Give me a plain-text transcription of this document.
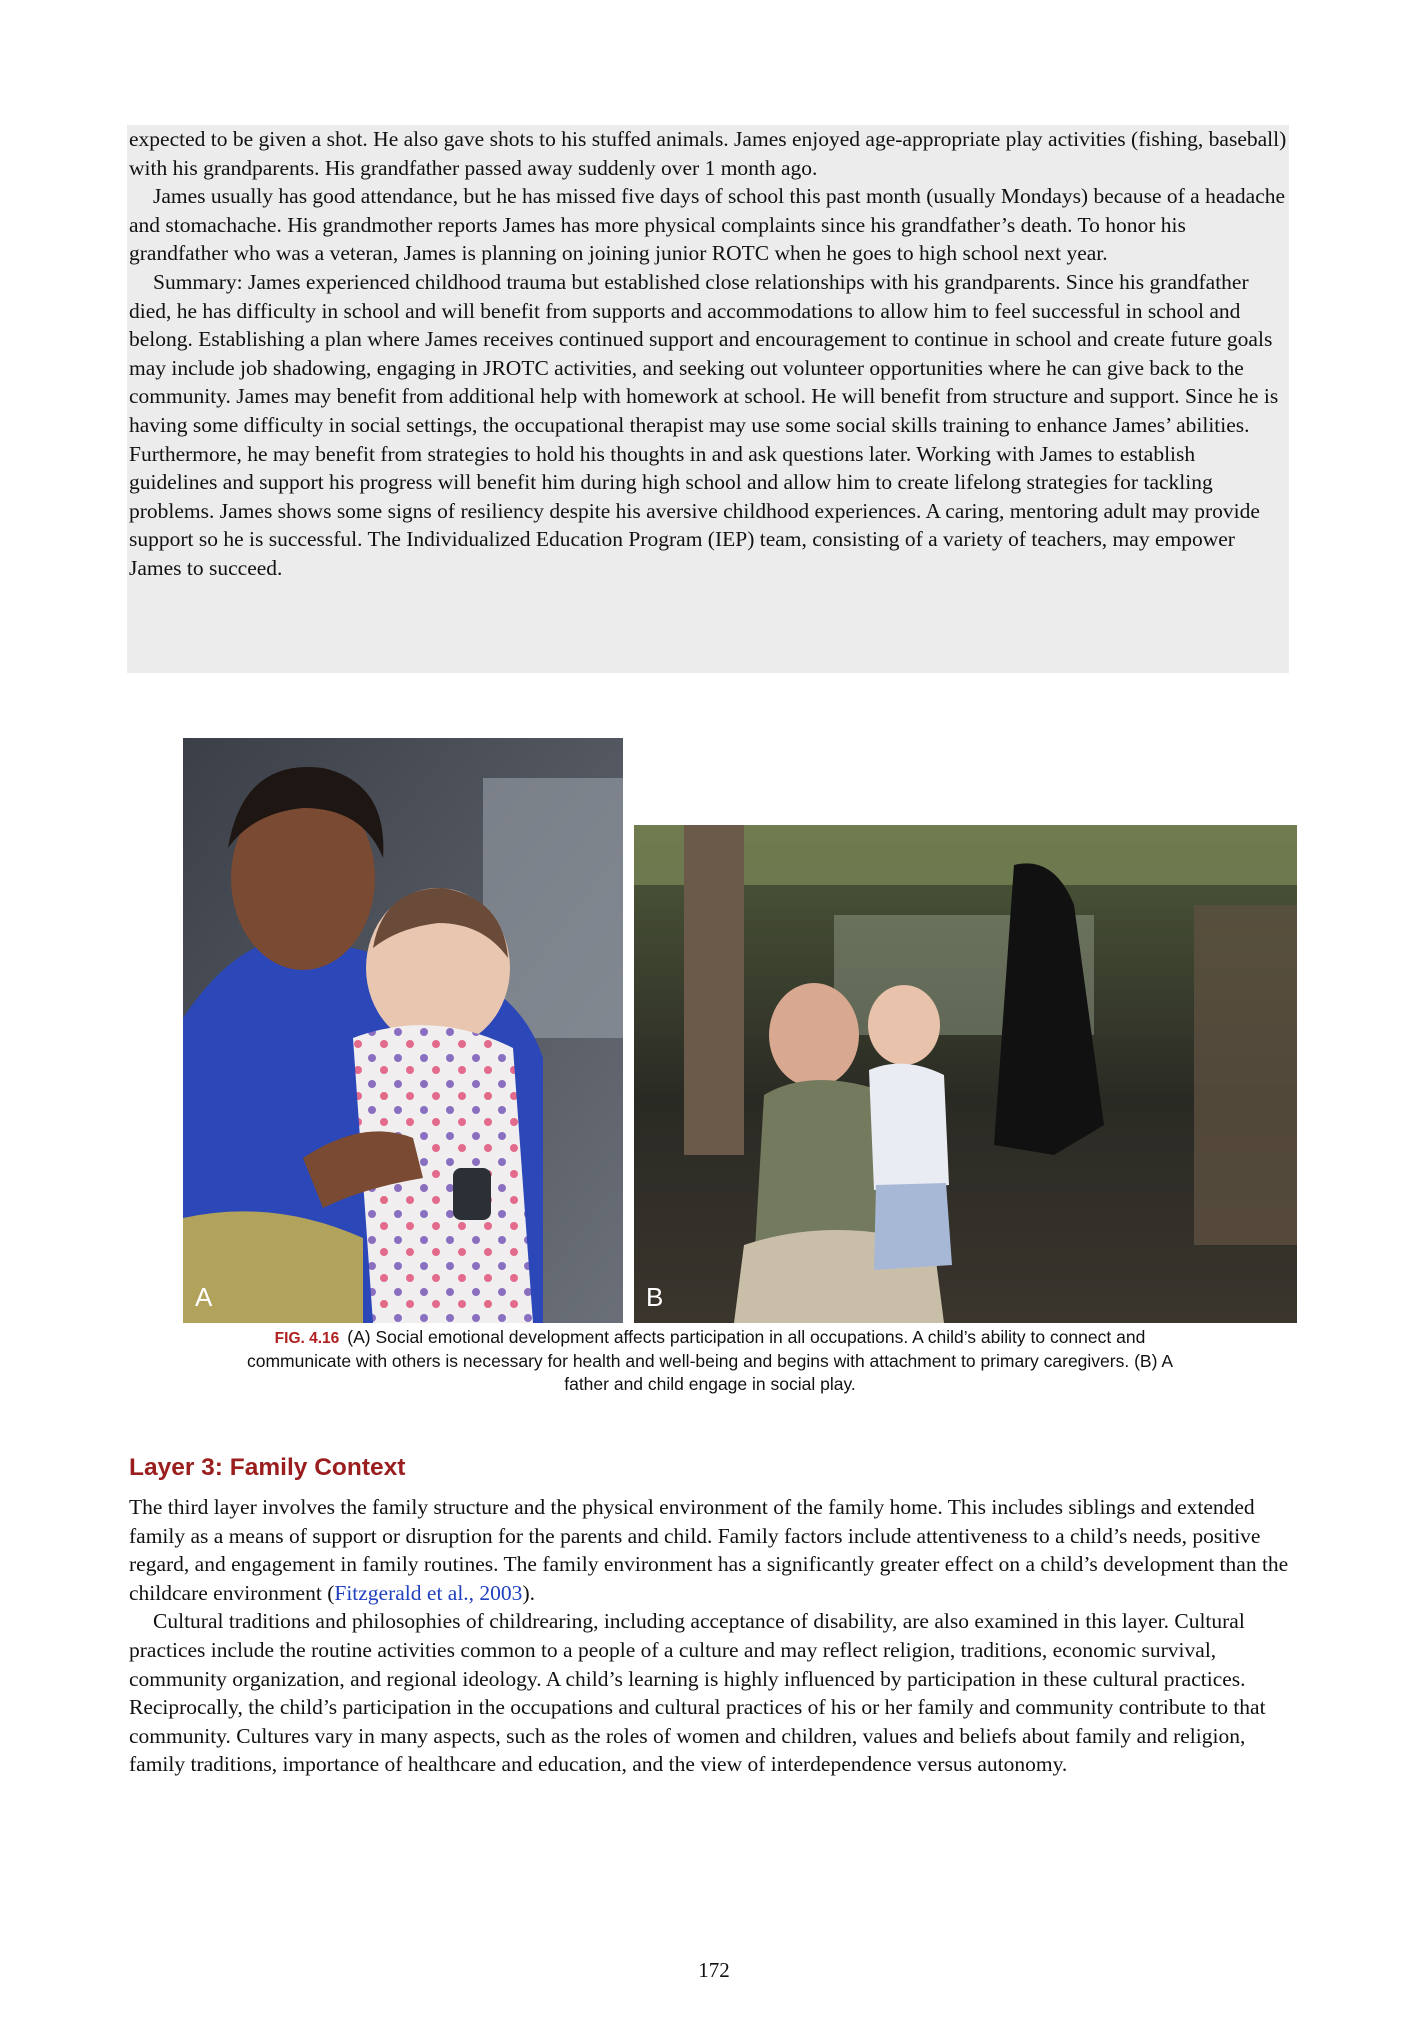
expected to be given a shot. He also gave shots to his stuffed animals. James enjoyed age-appropriate play activities (fishing, baseball) with his grandparents. His grandfather passed away suddenly over 1 month ago.

James usually has good attendance, but he has missed five days of school this past month (usually Mondays) because of a headache and stomachache. His grandmother reports James has more physical complaints since his grandfather’s death. To honor his grandfather who was a veteran, James is planning on joining junior ROTC when he goes to high school next year.

Summary: James experienced childhood trauma but established close relationships with his grandparents. Since his grandfather died, he has difficulty in school and will benefit from supports and accommodations to allow him to feel successful in school and belong. Establishing a plan where James receives continued support and encouragement to continue in school and create future goals may include job shadowing, engaging in JROTC activities, and seeking out volunteer opportunities where he can give back to the community. James may benefit from additional help with homework at school. He will benefit from structure and support. Since he is having some difficulty in social settings, the occupational therapist may use some social skills training to enhance James’ abilities. Furthermore, he may benefit from strategies to hold his thoughts in and ask questions later. Working with James to establish guidelines and support his progress will benefit him during high school and allow him to create lifelong strategies for tackling problems. James shows some signs of resiliency despite his aversive childhood experiences. A caring, mentoring adult may provide support so he is successful. The Individualized Education Program (IEP) team, consisting of a variety of teachers, may empower James to succeed.

A	B
FIG. 4.16 (A) Social emotional development affects participation in all occupations. A child’s ability to connect and communicate with others is necessary for health and well-being and begins with attachment to primary caregivers. (B) A father and child engage in social play.
Layer 3: Family Context

The third layer involves the family structure and the physical environment of the family home. This includes siblings and extended family as a means of support or disruption for the parents and child. Family factors include attentiveness to a child’s needs, positive regard, and engagement in family routines. The family environment has a significantly greater effect on a child’s development than the childcare environment (Fitzgerald et al., 2003).

Cultural traditions and philosophies of childrearing, including acceptance of disability, are also examined in this layer. Cultural practices include the routine activities common to a people of a culture and may reflect religion, traditions, economic survival, community organization, and regional ideology. A child’s learning is highly influenced by participation in these cultural practices. Reciprocally, the child’s participation in the occupations and cultural practices of his or her family and community contribute to that community. Cultures vary in many aspects, such as the roles of women and children, values and beliefs about family and religion, family traditions, importance of healthcare and education, and the view of interdependence versus autonomy.

172
